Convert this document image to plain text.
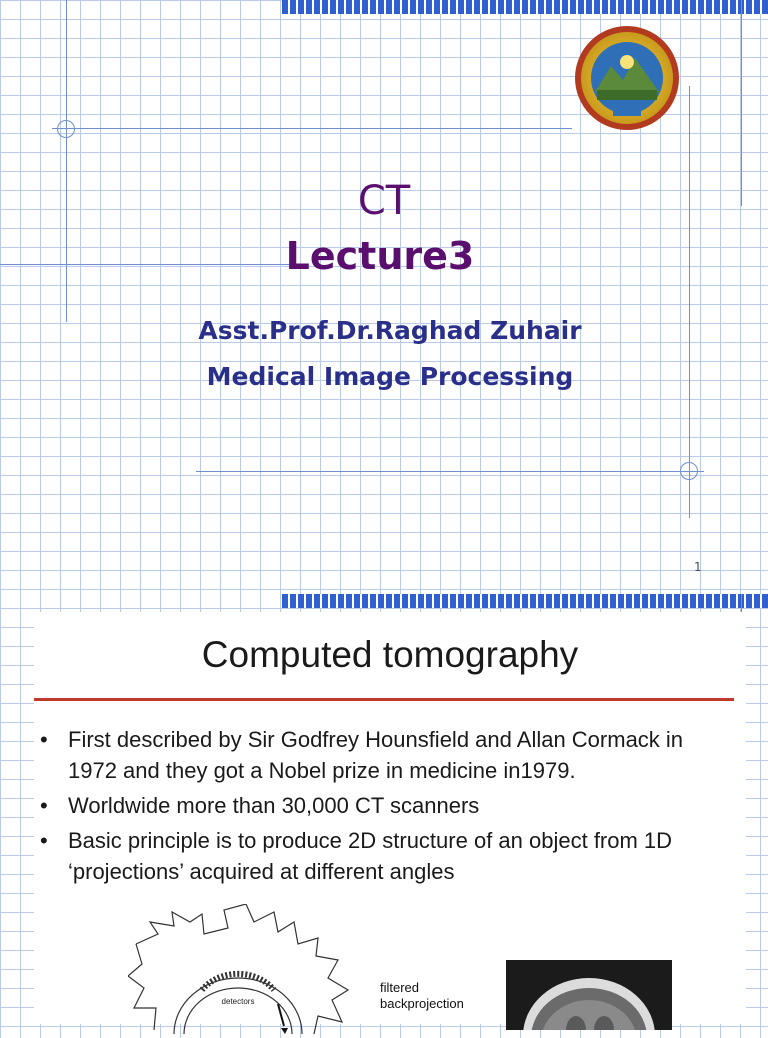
CT
Lecture3
Asst.Prof.Dr.Raghad Zuhair
Medical Image Processing
1
Computed tomography
• First described by Sir Godfrey Hounsfield and Allan Cormack in 1972 and they got a Nobel prize in medicine in1979.
• Worldwide more than 30,000 CT scanners
• Basic principle is to produce 2D structure of an object from 1D ‘projections’ acquired at different angles
detectors
filtered
backprojection
